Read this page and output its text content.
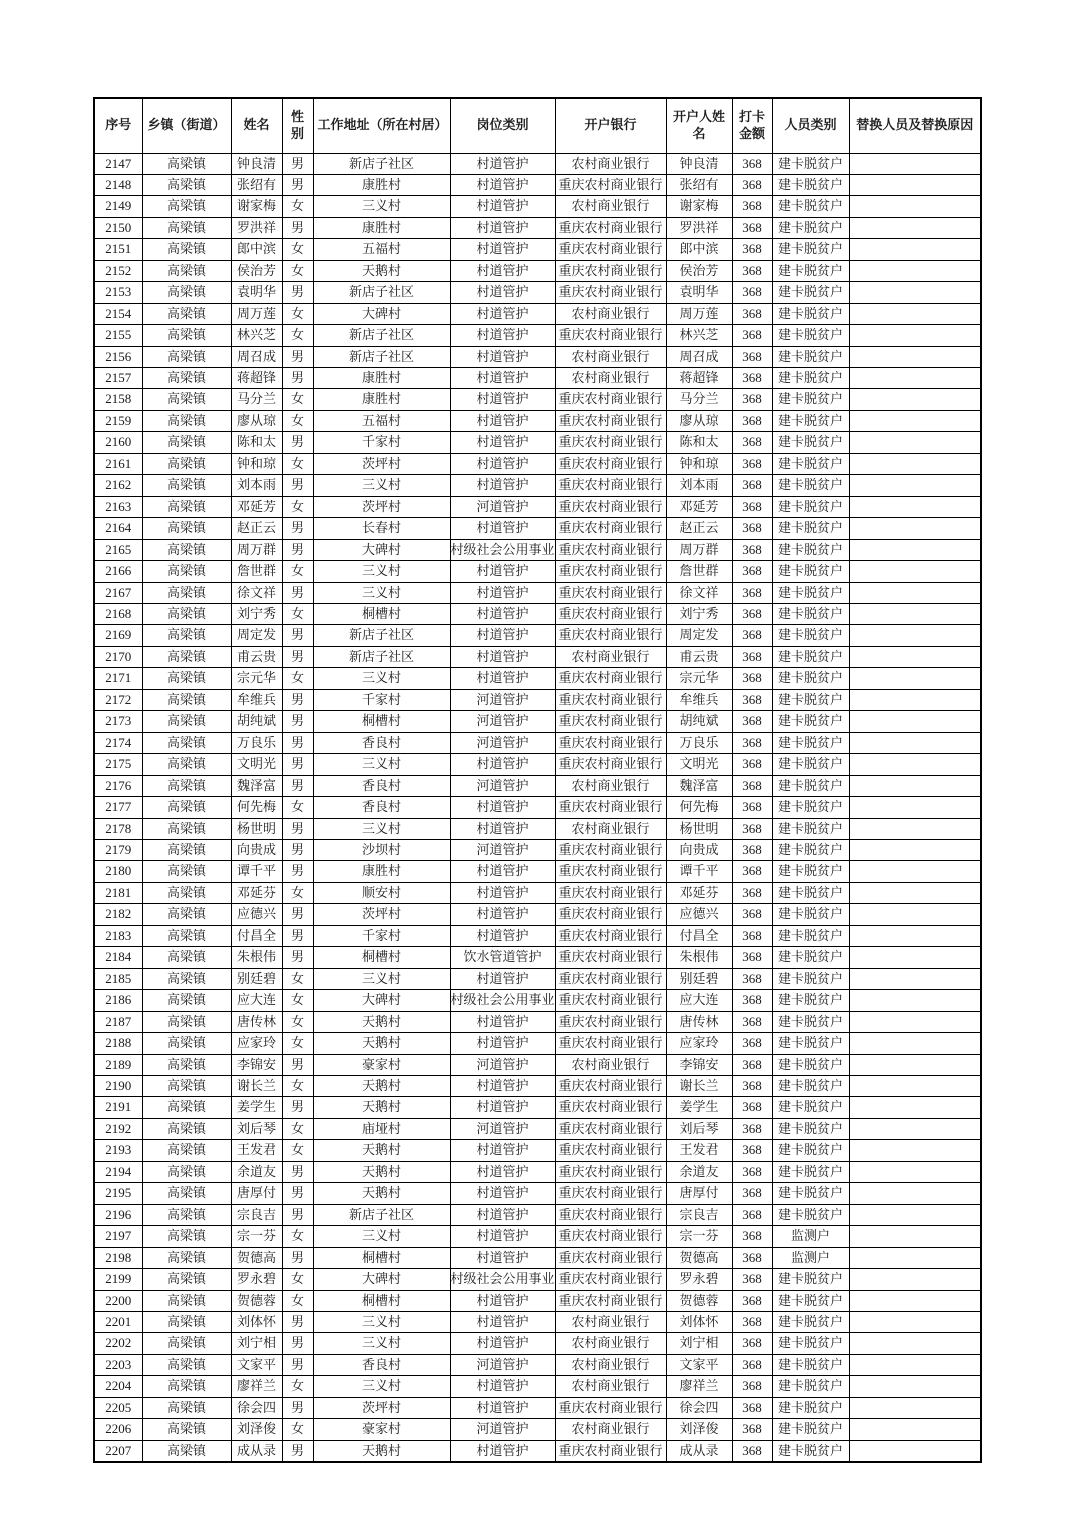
序号	乡镇（街道）	姓名	性别	工作地址（所在村居）	岗位类别	开户银行	开户人姓名	打卡金额	人员类别	替换人员及替换原因
2147	高梁镇	钟良清	男	新店子社区	村道管护	农村商业银行	钟良清	368	建卡脱贫户	
2148	高梁镇	张绍有	男	康胜村	村道管护	重庆农村商业银行	张绍有	368	建卡脱贫户	
2149	高梁镇	谢家梅	女	三义村	村道管护	农村商业银行	谢家梅	368	建卡脱贫户	
2150	高梁镇	罗洪祥	男	康胜村	村道管护	重庆农村商业银行	罗洪祥	368	建卡脱贫户	
2151	高梁镇	郎中滨	女	五福村	村道管护	重庆农村商业银行	郎中滨	368	建卡脱贫户	
2152	高梁镇	侯治芳	女	天鹅村	村道管护	重庆农村商业银行	侯治芳	368	建卡脱贫户	
2153	高梁镇	袁明华	男	新店子社区	村道管护	重庆农村商业银行	袁明华	368	建卡脱贫户	
2154	高梁镇	周万莲	女	大碑村	村道管护	农村商业银行	周万莲	368	建卡脱贫户	
2155	高梁镇	林兴芝	女	新店子社区	村道管护	重庆农村商业银行	林兴芝	368	建卡脱贫户	
2156	高梁镇	周召成	男	新店子社区	村道管护	农村商业银行	周召成	368	建卡脱贫户	
2157	高梁镇	蒋超锋	男	康胜村	村道管护	农村商业银行	蒋超锋	368	建卡脱贫户	
2158	高梁镇	马分兰	女	康胜村	村道管护	重庆农村商业银行	马分兰	368	建卡脱贫户	
2159	高梁镇	廖从琼	女	五福村	村道管护	重庆农村商业银行	廖从琼	368	建卡脱贫户	
2160	高梁镇	陈和太	男	千家村	村道管护	重庆农村商业银行	陈和太	368	建卡脱贫户	
2161	高梁镇	钟和琼	女	茨坪村	村道管护	重庆农村商业银行	钟和琼	368	建卡脱贫户	
2162	高梁镇	刘本雨	男	三义村	村道管护	重庆农村商业银行	刘本雨	368	建卡脱贫户	
2163	高梁镇	邓延芳	女	茨坪村	河道管护	重庆农村商业银行	邓延芳	368	建卡脱贫户	
2164	高梁镇	赵正云	男	长春村	村道管护	重庆农村商业银行	赵正云	368	建卡脱贫户	
2165	高梁镇	周万群	男	大碑村	村级社会公用事业	重庆农村商业银行	周万群	368	建卡脱贫户	
2166	高梁镇	詹世群	女	三义村	村道管护	重庆农村商业银行	詹世群	368	建卡脱贫户	
2167	高梁镇	徐文祥	男	三义村	村道管护	重庆农村商业银行	徐文祥	368	建卡脱贫户	
2168	高梁镇	刘宁秀	女	桐槽村	村道管护	重庆农村商业银行	刘宁秀	368	建卡脱贫户	
2169	高梁镇	周定发	男	新店子社区	村道管护	重庆农村商业银行	周定发	368	建卡脱贫户	
2170	高梁镇	甫云贵	男	新店子社区	村道管护	农村商业银行	甫云贵	368	建卡脱贫户	
2171	高梁镇	宗元华	女	三义村	村道管护	重庆农村商业银行	宗元华	368	建卡脱贫户	
2172	高梁镇	牟维兵	男	千家村	河道管护	重庆农村商业银行	牟维兵	368	建卡脱贫户	
2173	高梁镇	胡纯斌	男	桐槽村	河道管护	重庆农村商业银行	胡纯斌	368	建卡脱贫户	
2174	高梁镇	万良乐	男	香良村	河道管护	重庆农村商业银行	万良乐	368	建卡脱贫户	
2175	高梁镇	文明光	男	三义村	村道管护	重庆农村商业银行	文明光	368	建卡脱贫户	
2176	高梁镇	魏泽富	男	香良村	河道管护	农村商业银行	魏泽富	368	建卡脱贫户	
2177	高梁镇	何先梅	女	香良村	村道管护	重庆农村商业银行	何先梅	368	建卡脱贫户	
2178	高梁镇	杨世明	男	三义村	村道管护	农村商业银行	杨世明	368	建卡脱贫户	
2179	高梁镇	向贵成	男	沙坝村	河道管护	重庆农村商业银行	向贵成	368	建卡脱贫户	
2180	高梁镇	谭千平	男	康胜村	村道管护	重庆农村商业银行	谭千平	368	建卡脱贫户	
2181	高梁镇	邓延芬	女	顺安村	村道管护	重庆农村商业银行	邓延芬	368	建卡脱贫户	
2182	高梁镇	应德兴	男	茨坪村	村道管护	重庆农村商业银行	应德兴	368	建卡脱贫户	
2183	高梁镇	付昌全	男	千家村	村道管护	重庆农村商业银行	付昌全	368	建卡脱贫户	
2184	高梁镇	朱根伟	男	桐槽村	饮水管道管护	重庆农村商业银行	朱根伟	368	建卡脱贫户	
2185	高梁镇	别廷碧	女	三义村	村道管护	重庆农村商业银行	别廷碧	368	建卡脱贫户	
2186	高梁镇	应大连	女	大碑村	村级社会公用事业	重庆农村商业银行	应大连	368	建卡脱贫户	
2187	高梁镇	唐传林	女	天鹅村	村道管护	重庆农村商业银行	唐传林	368	建卡脱贫户	
2188	高梁镇	应家玲	女	天鹅村	村道管护	重庆农村商业银行	应家玲	368	建卡脱贫户	
2189	高梁镇	李锦安	男	豪家村	河道管护	农村商业银行	李锦安	368	建卡脱贫户	
2190	高梁镇	谢长兰	女	天鹅村	村道管护	重庆农村商业银行	谢长兰	368	建卡脱贫户	
2191	高梁镇	姜学生	男	天鹅村	村道管护	重庆农村商业银行	姜学生	368	建卡脱贫户	
2192	高梁镇	刘后琴	女	庙垭村	河道管护	重庆农村商业银行	刘后琴	368	建卡脱贫户	
2193	高梁镇	王发君	女	天鹅村	村道管护	重庆农村商业银行	王发君	368	建卡脱贫户	
2194	高梁镇	余道友	男	天鹅村	村道管护	重庆农村商业银行	余道友	368	建卡脱贫户	
2195	高梁镇	唐厚付	男	天鹅村	村道管护	重庆农村商业银行	唐厚付	368	建卡脱贫户	
2196	高梁镇	宗良吉	男	新店子社区	村道管护	重庆农村商业银行	宗良吉	368	建卡脱贫户	
2197	高梁镇	宗一芬	女	三义村	村道管护	重庆农村商业银行	宗一芬	368	监测户	
2198	高梁镇	贺德高	男	桐槽村	村道管护	重庆农村商业银行	贺德高	368	监测户	
2199	高梁镇	罗永碧	女	大碑村	村级社会公用事业	重庆农村商业银行	罗永碧	368	建卡脱贫户	
2200	高梁镇	贺德蓉	女	桐槽村	村道管护	重庆农村商业银行	贺德蓉	368	建卡脱贫户	
2201	高梁镇	刘体怀	男	三义村	村道管护	农村商业银行	刘体怀	368	建卡脱贫户	
2202	高梁镇	刘宁相	男	三义村	村道管护	农村商业银行	刘宁相	368	建卡脱贫户	
2203	高梁镇	文家平	男	香良村	河道管护	农村商业银行	文家平	368	建卡脱贫户	
2204	高梁镇	廖祥兰	女	三义村	村道管护	农村商业银行	廖祥兰	368	建卡脱贫户	
2205	高梁镇	徐会四	男	茨坪村	村道管护	重庆农村商业银行	徐会四	368	建卡脱贫户	
2206	高梁镇	刘泽俊	女	豪家村	河道管护	农村商业银行	刘泽俊	368	建卡脱贫户	
2207	高梁镇	成从录	男	天鹅村	村道管护	重庆农村商业银行	成从录	368	建卡脱贫户	
